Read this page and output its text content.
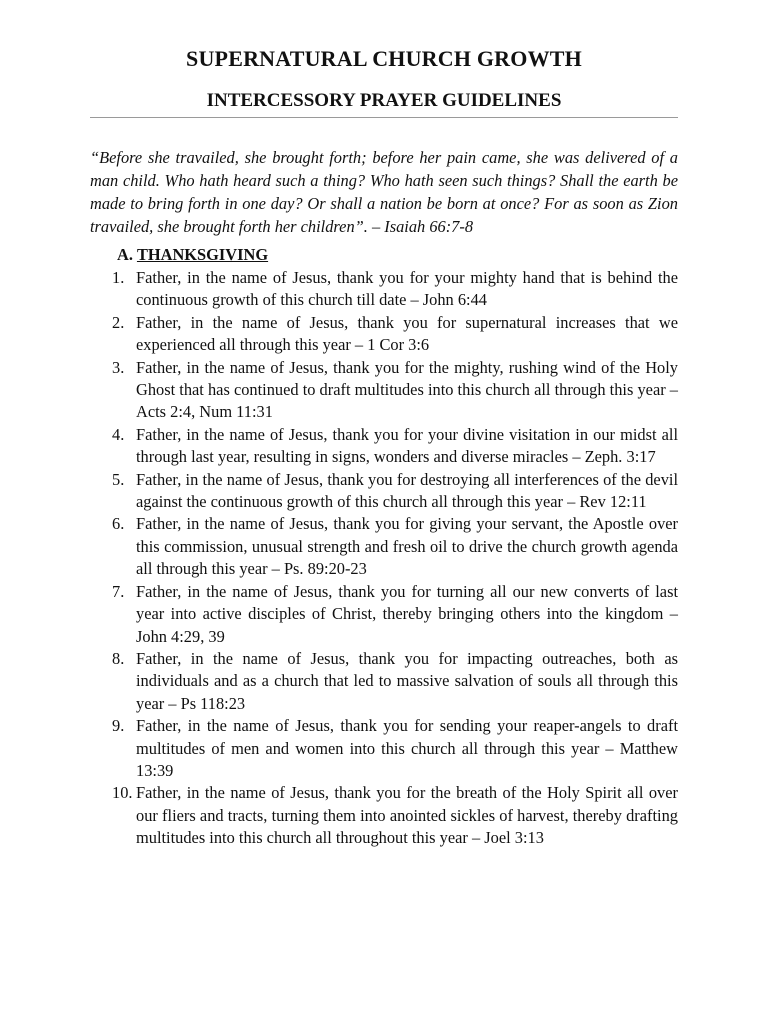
SUPERNATURAL CHURCH GROWTH
INTERCESSORY PRAYER GUIDELINES
“Before she travailed, she brought forth; before her pain came, she was delivered of a man child. Who hath heard such a thing? Who hath seen such things? Shall the earth be made to bring forth in one day? Or shall a nation be born at once? For as soon as Zion travailed, she brought forth her children”. – Isaiah 66:7-8
A. THANKSGIVING
1. Father, in the name of Jesus, thank you for your mighty hand that is behind the continuous growth of this church till date – John 6:44
2. Father, in the name of Jesus, thank you for supernatural increases that we experienced all through this year – 1 Cor 3:6
3. Father, in the name of Jesus, thank you for the mighty, rushing wind of the Holy Ghost that has continued to draft multitudes into this church all through this year – Acts 2:4, Num 11:31
4. Father, in the name of Jesus, thank you for your divine visitation in our midst all through last year, resulting in signs, wonders and diverse miracles – Zeph. 3:17
5. Father, in the name of Jesus, thank you for destroying all interferences of the devil against the continuous growth of this church all through this year – Rev 12:11
6. Father, in the name of Jesus, thank you for giving your servant, the Apostle over this commission, unusual strength and fresh oil to drive the church growth agenda all through this year – Ps. 89:20-23
7. Father, in the name of Jesus, thank you for turning all our new converts of last year into active disciples of Christ, thereby bringing others into the kingdom – John 4:29, 39
8. Father, in the name of Jesus, thank you for impacting outreaches, both as individuals and as a church that led to massive salvation of souls all through this year – Ps 118:23
9. Father, in the name of Jesus, thank you for sending your reaper-angels to draft multitudes of men and women into this church all through this year – Matthew 13:39
10. Father, in the name of Jesus, thank you for the breath of the Holy Spirit all over our fliers and tracts, turning them into anointed sickles of harvest, thereby drafting multitudes into this church all throughout this year – Joel 3:13
